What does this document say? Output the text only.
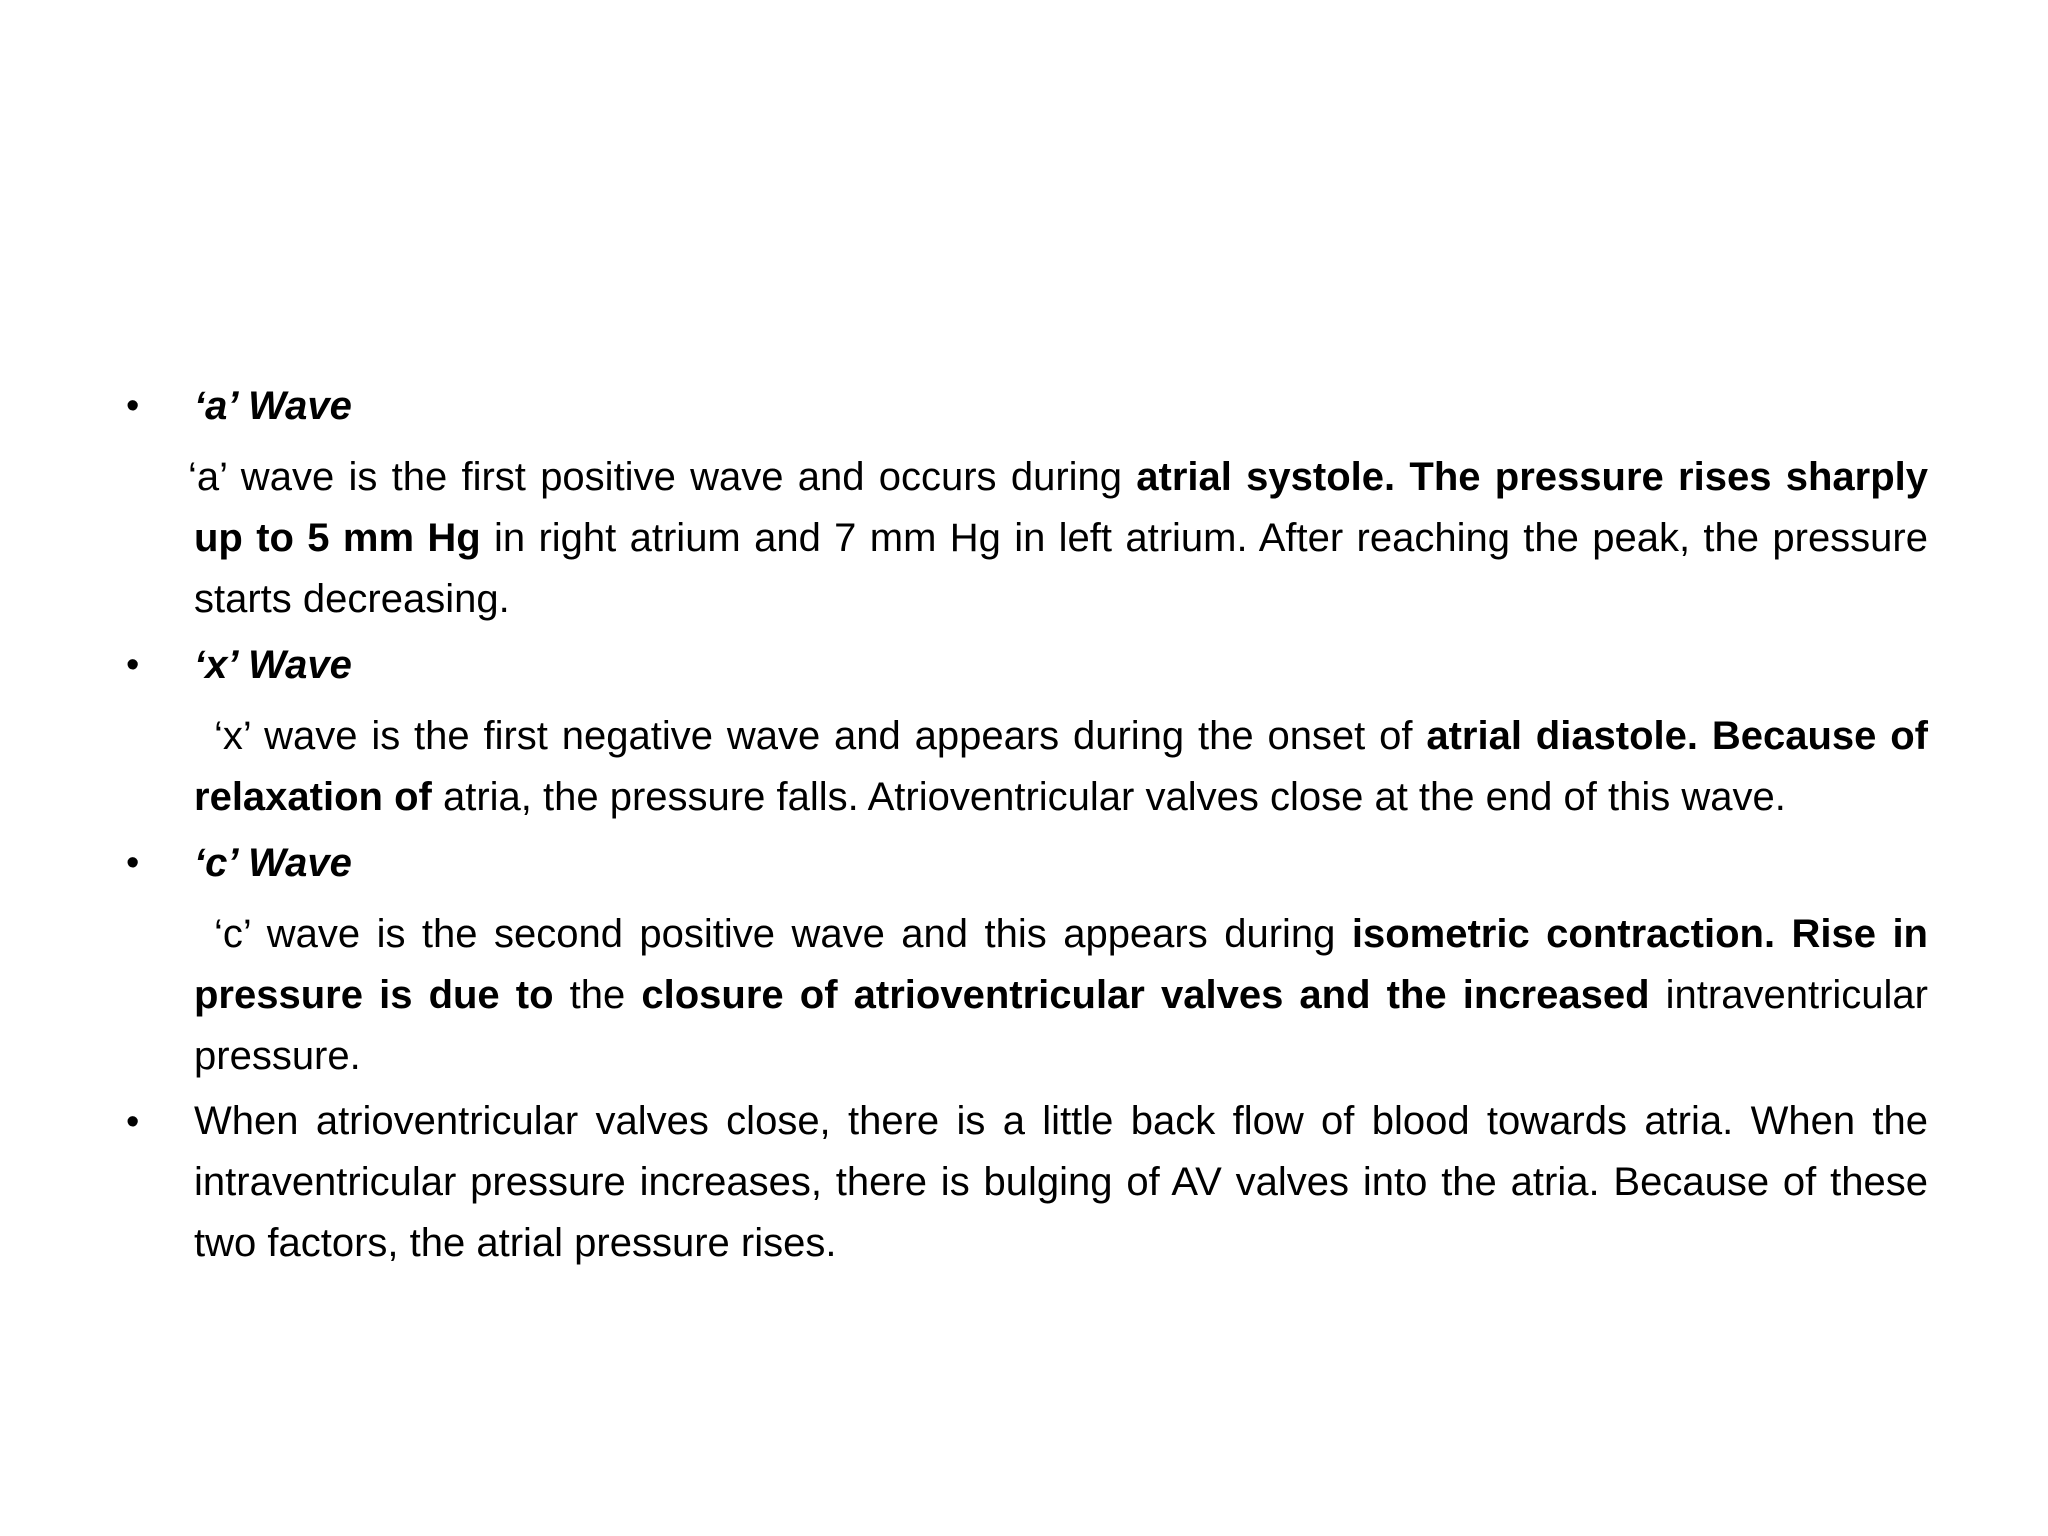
• ‘a’ Wave
‘a’ wave is the first positive wave and occurs during atrial systole. The pressure rises sharply up to 5 mm Hg in right atrium and 7 mm Hg in left atrium. After reaching the peak, the pressure starts decreasing.
• ‘x’ Wave
‘x’ wave is the first negative wave and appears during the onset of atrial diastole. Because of relaxation of atria, the pressure falls. Atrioventricular valves close at the end of this wave.
• ‘c’ Wave
‘c’ wave is the second positive wave and this appears during isometric contraction. Rise in pressure is due to the closure of atrioventricular valves and the increased intraventricular pressure.
• When atrioventricular valves close, there is a little back flow of blood towards atria. When the intraventricular pressure increases, there is bulging of AV valves into the atria. Because of these two factors, the atrial pressure rises.
